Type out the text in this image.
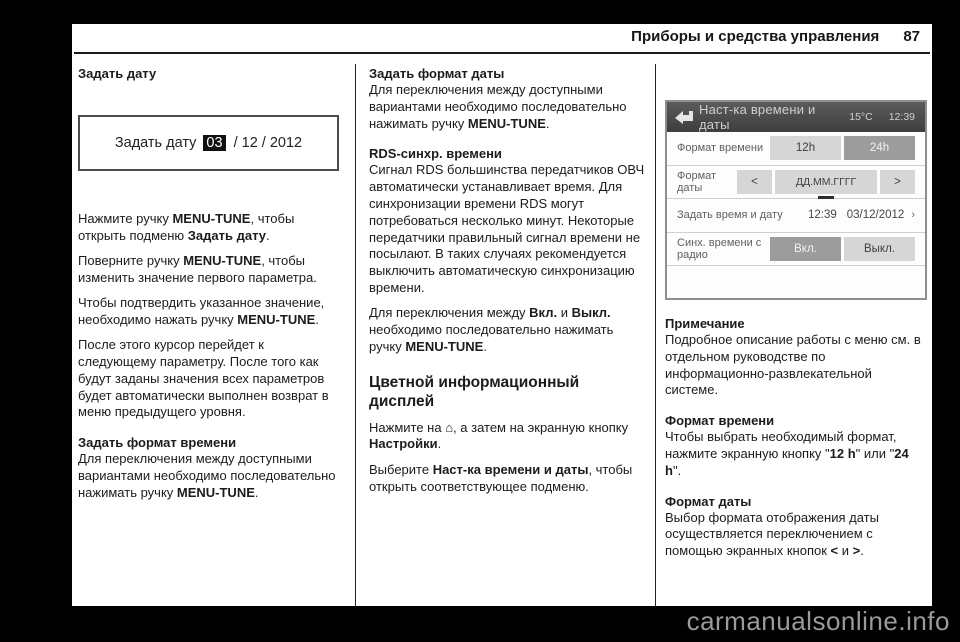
Приборы и средства управления 87
Задать дату
Задать дату 03 / 12 / 2012

Нажмите ручку MENU-TUNE, чтобы открыть подменю Задать дату.

Поверните ручку MENU-TUNE, чтобы изменить значение первого параметра.

Чтобы подтвердить указанное значение, необходимо нажать ручку MENU-TUNE.

После этого курсор перейдет к следующему параметру. После того как будут заданы значения всех параметров будет автоматически выполнен возврат в меню предыдущего уровня.

Задать формат времени

Для переключения между доступными вариантами необходимо последовательно нажимать ручку MENU-TUNE.

Задать формат даты

Для переключения между доступными вариантами необходимо последовательно нажимать ручку MENU-TUNE.

RDS-синхр. времени

Сигнал RDS большинства передатчиков ОВЧ автоматически устанавливает время. Для синхронизации времени RDS могут потребоваться несколько минут. Некоторые передатчики правильный сигнал времени не посылают. В таких случаях рекомендуется выключить автоматическую синхронизацию времени.

Для переключения между Вкл. и Выкл. необходимо последовательно нажимать ручку MENU-TUNE.

Цветной информационный дисплей

Нажмите на ⌂, а затем на экранную кнопку Настройки.

Выберите Наст-ка времени и даты, чтобы открыть соответствующее подменю.

Наст-ка времени и даты	15°C 12:39
Формат времени	12h	24h
Формат даты	<	ДД.ММ.ГГГГ	>
Задать время и дату	12:39 03/12/2012 ›
Синх. времени с радио	Вкл.	Выкл.
Примечание

Подробное описание работы с меню см. в отдельном руководстве по информационно-развлекательной системе.

Формат времени

Чтобы выбрать необходимый формат, нажмите экранную кнопку "12 h" или "24 h".

Формат даты

Выбор формата отображения даты осуществляется переключением с помощью экранных кнопок < и >.

carmanualsonline.info
